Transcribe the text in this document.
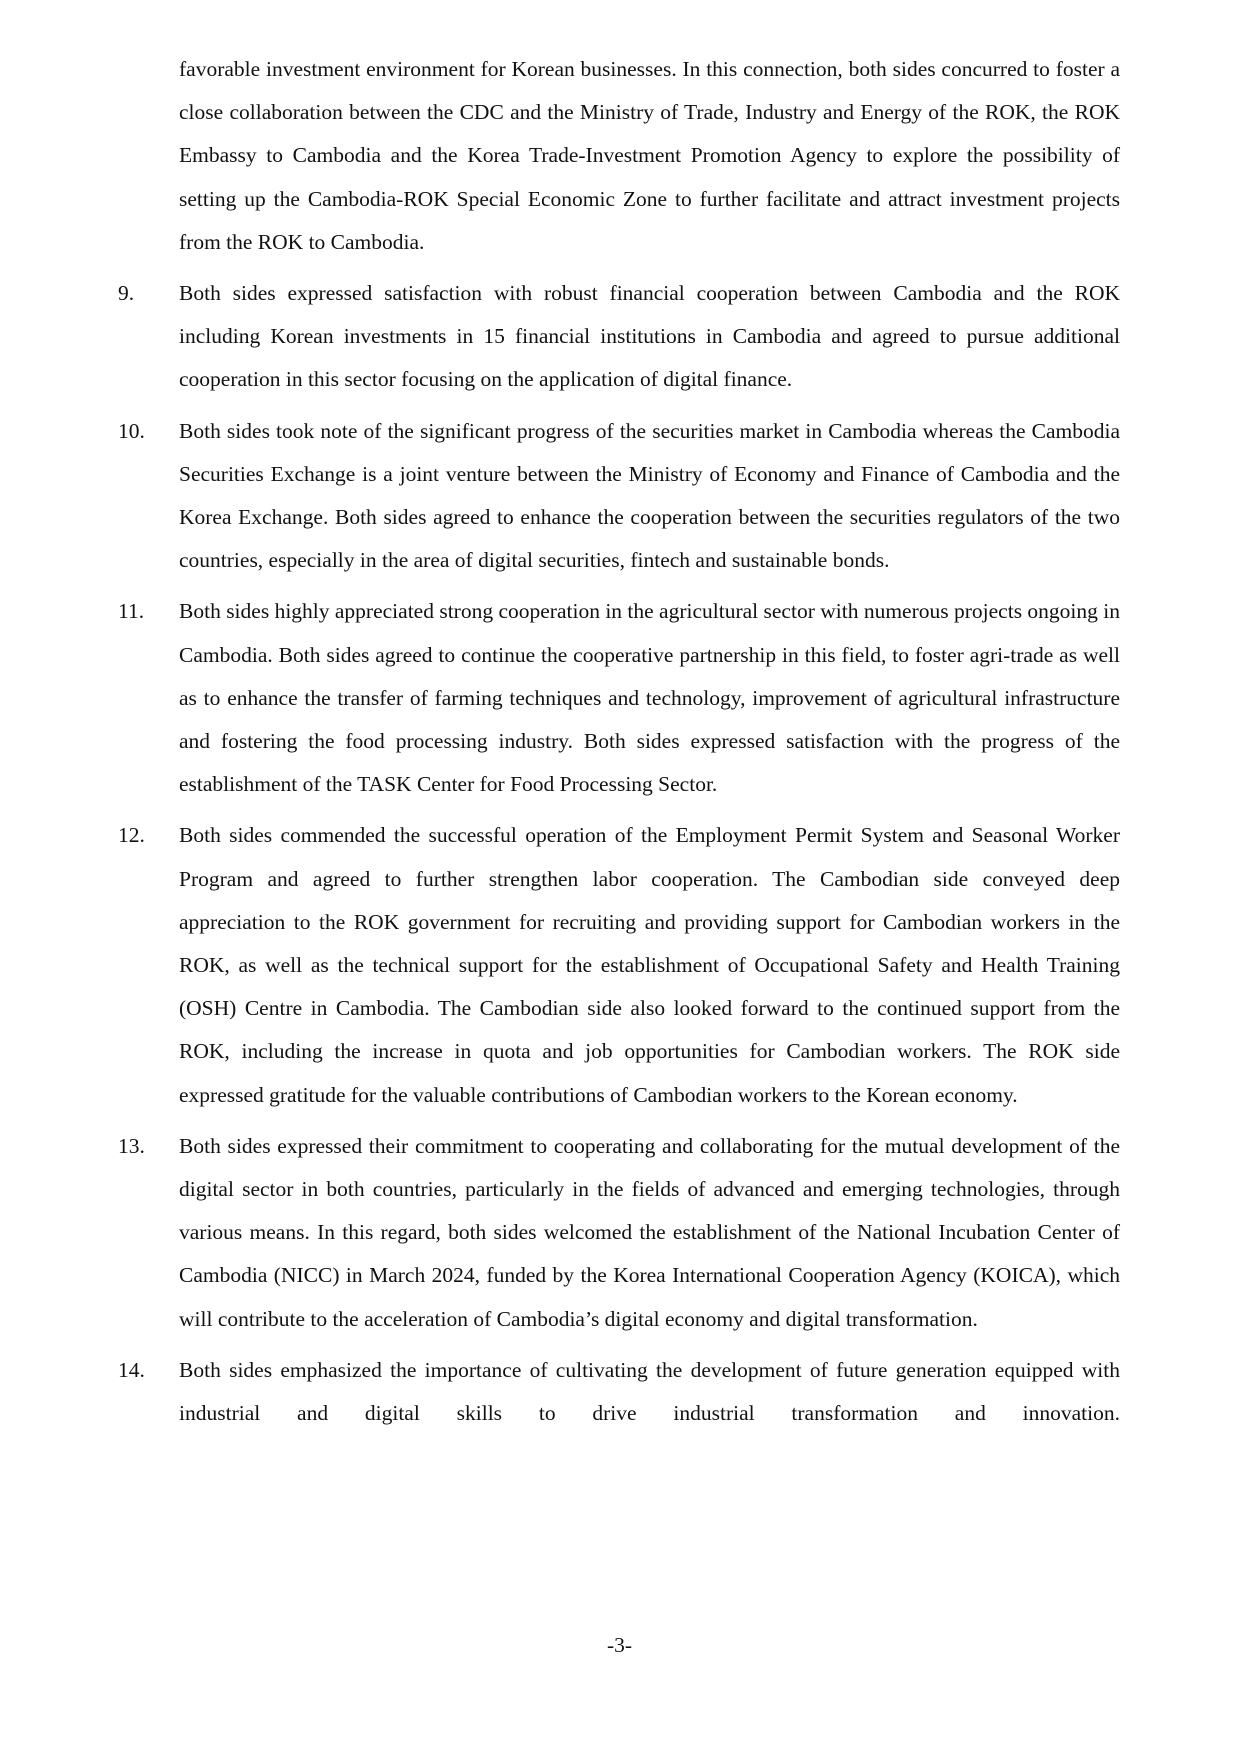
favorable investment environment for Korean businesses. In this connection, both sides concurred to foster a close collaboration between the CDC and the Ministry of Trade, Industry and Energy of the ROK, the ROK Embassy to Cambodia and the Korea Trade-Investment Promotion Agency to explore the possibility of setting up the Cambodia-ROK Special Economic Zone to further facilitate and attract investment projects from the ROK to Cambodia.
9.	Both sides expressed satisfaction with robust financial cooperation between Cambodia and the ROK including Korean investments in 15 financial institutions in Cambodia and agreed to pursue additional cooperation in this sector focusing on the application of digital finance.
10.	Both sides took note of the significant progress of the securities market in Cambodia whereas the Cambodia Securities Exchange is a joint venture between the Ministry of Economy and Finance of Cambodia and the Korea Exchange. Both sides agreed to enhance the cooperation between the securities regulators of the two countries, especially in the area of digital securities, fintech and sustainable bonds.
11.	Both sides highly appreciated strong cooperation in the agricultural sector with numerous projects ongoing in Cambodia. Both sides agreed to continue the cooperative partnership in this field, to foster agri-trade as well as to enhance the transfer of farming techniques and technology, improvement of agricultural infrastructure and fostering the food processing industry. Both sides expressed satisfaction with the progress of the establishment of the TASK Center for Food Processing Sector.
12.	Both sides commended the successful operation of the Employment Permit System and Seasonal Worker Program and agreed to further strengthen labor cooperation. The Cambodian side conveyed deep appreciation to the ROK government for recruiting and providing support for Cambodian workers in the ROK, as well as the technical support for the establishment of Occupational Safety and Health Training (OSH) Centre in Cambodia. The Cambodian side also looked forward to the continued support from the ROK, including the increase in quota and job opportunities for Cambodian workers. The ROK side expressed gratitude for the valuable contributions of Cambodian workers to the Korean economy.
13.	Both sides expressed their commitment to cooperating and collaborating for the mutual development of the digital sector in both countries, particularly in the fields of advanced and emerging technologies, through various means. In this regard, both sides welcomed the establishment of the National Incubation Center of Cambodia (NICC) in March 2024, funded by the Korea International Cooperation Agency (KOICA), which will contribute to the acceleration of Cambodia’s digital economy and digital transformation.
14.	Both sides emphasized the importance of cultivating the development of future generation equipped with industrial and digital skills to drive industrial transformation and innovation.
-3-
